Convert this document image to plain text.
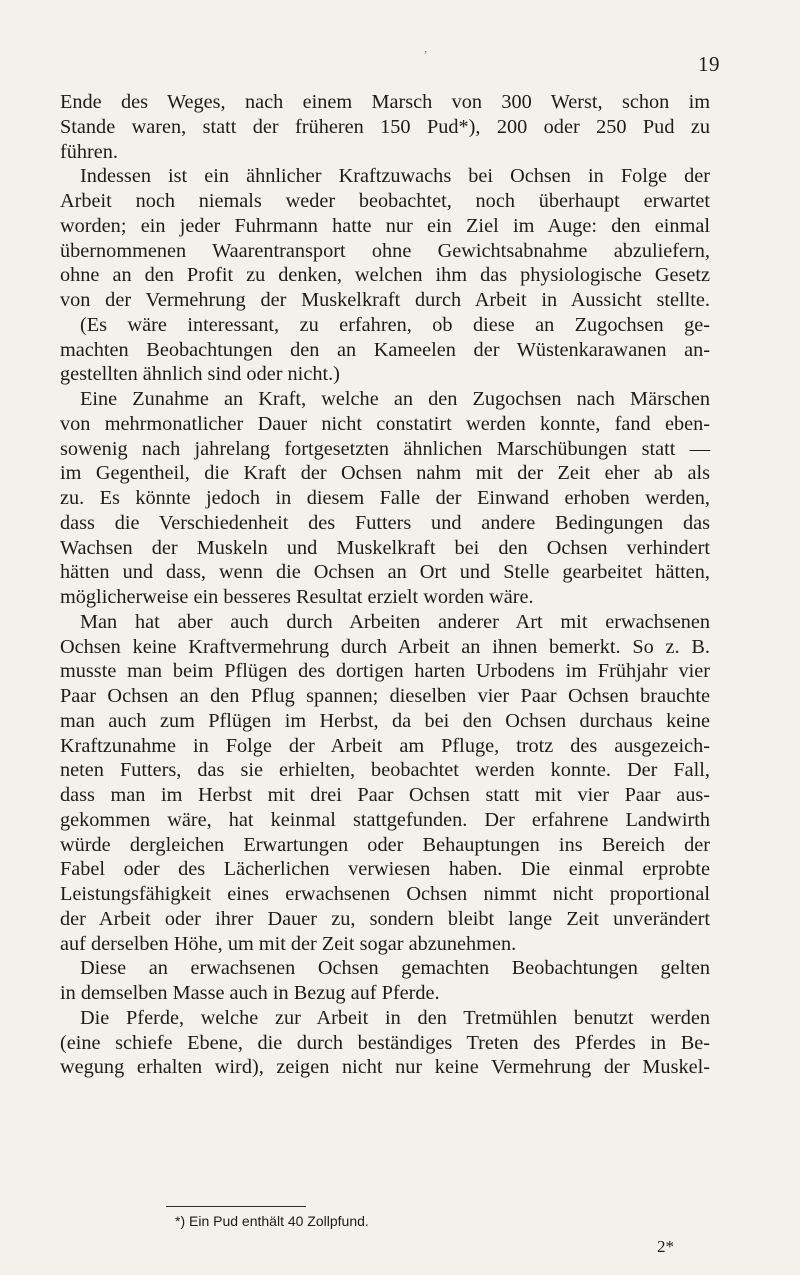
‚
19
Ende des Weges, nach einem Marsch von 300 Werst, schon im
Stande waren, statt der früheren 150 Pud*), 200 oder 250 Pud zu
führen.
Indessen ist ein ähnlicher Kraftzuwachs bei Ochsen in Folge der
Arbeit noch niemals weder beobachtet, noch überhaupt erwartet
worden; ein jeder Fuhrmann hatte nur ein Ziel im Auge: den einmal
übernommenen Waarentransport ohne Gewichtsabnahme abzuliefern,
ohne an den Profit zu denken, welchen ihm das physiologische Gesetz
von der Vermehrung der Muskelkraft durch Arbeit in Aussicht stellte.
(Es wäre interessant, zu erfahren, ob diese an Zugochsen ge-
machten Beobachtungen den an Kameelen der Wüstenkarawanen an-
gestellten ähnlich sind oder nicht.)
Eine Zunahme an Kraft, welche an den Zugochsen nach Märschen
von mehrmonatlicher Dauer nicht constatirt werden konnte, fand eben-
sowenig nach jahrelang fortgesetzten ähnlichen Marschübungen statt —
im Gegentheil, die Kraft der Ochsen nahm mit der Zeit eher ab als
zu. Es könnte jedoch in diesem Falle der Einwand erhoben werden,
dass die Verschiedenheit des Futters und andere Bedingungen das
Wachsen der Muskeln und Muskelkraft bei den Ochsen verhindert
hätten und dass, wenn die Ochsen an Ort und Stelle gearbeitet hätten,
möglicherweise ein besseres Resultat erzielt worden wäre.
Man hat aber auch durch Arbeiten anderer Art mit erwachsenen
Ochsen keine Kraftvermehrung durch Arbeit an ihnen bemerkt. So z. B.
musste man beim Pflügen des dortigen harten Urbodens im Frühjahr vier
Paar Ochsen an den Pflug spannen; dieselben vier Paar Ochsen brauchte
man auch zum Pflügen im Herbst, da bei den Ochsen durchaus keine
Kraftzunahme in Folge der Arbeit am Pfluge, trotz des ausgezeich-
neten Futters, das sie erhielten, beobachtet werden konnte. Der Fall,
dass man im Herbst mit drei Paar Ochsen statt mit vier Paar aus-
gekommen wäre, hat keinmal stattgefunden. Der erfahrene Landwirth
würde dergleichen Erwartungen oder Behauptungen ins Bereich der
Fabel oder des Lächerlichen verwiesen haben. Die einmal erprobte
Leistungsfähigkeit eines erwachsenen Ochsen nimmt nicht proportional
der Arbeit oder ihrer Dauer zu, sondern bleibt lange Zeit unverändert
auf derselben Höhe, um mit der Zeit sogar abzunehmen.
Diese an erwachsenen Ochsen gemachten Beobachtungen gelten
in demselben Masse auch in Bezug auf Pferde.
Die Pferde, welche zur Arbeit in den Tretmühlen benutzt werden
(eine schiefe Ebene, die durch beständiges Treten des Pferdes in Be-
wegung erhalten wird), zeigen nicht nur keine Vermehrung der Muskel-
*) Ein Pud enthält 40 Zollpfund.
2*
